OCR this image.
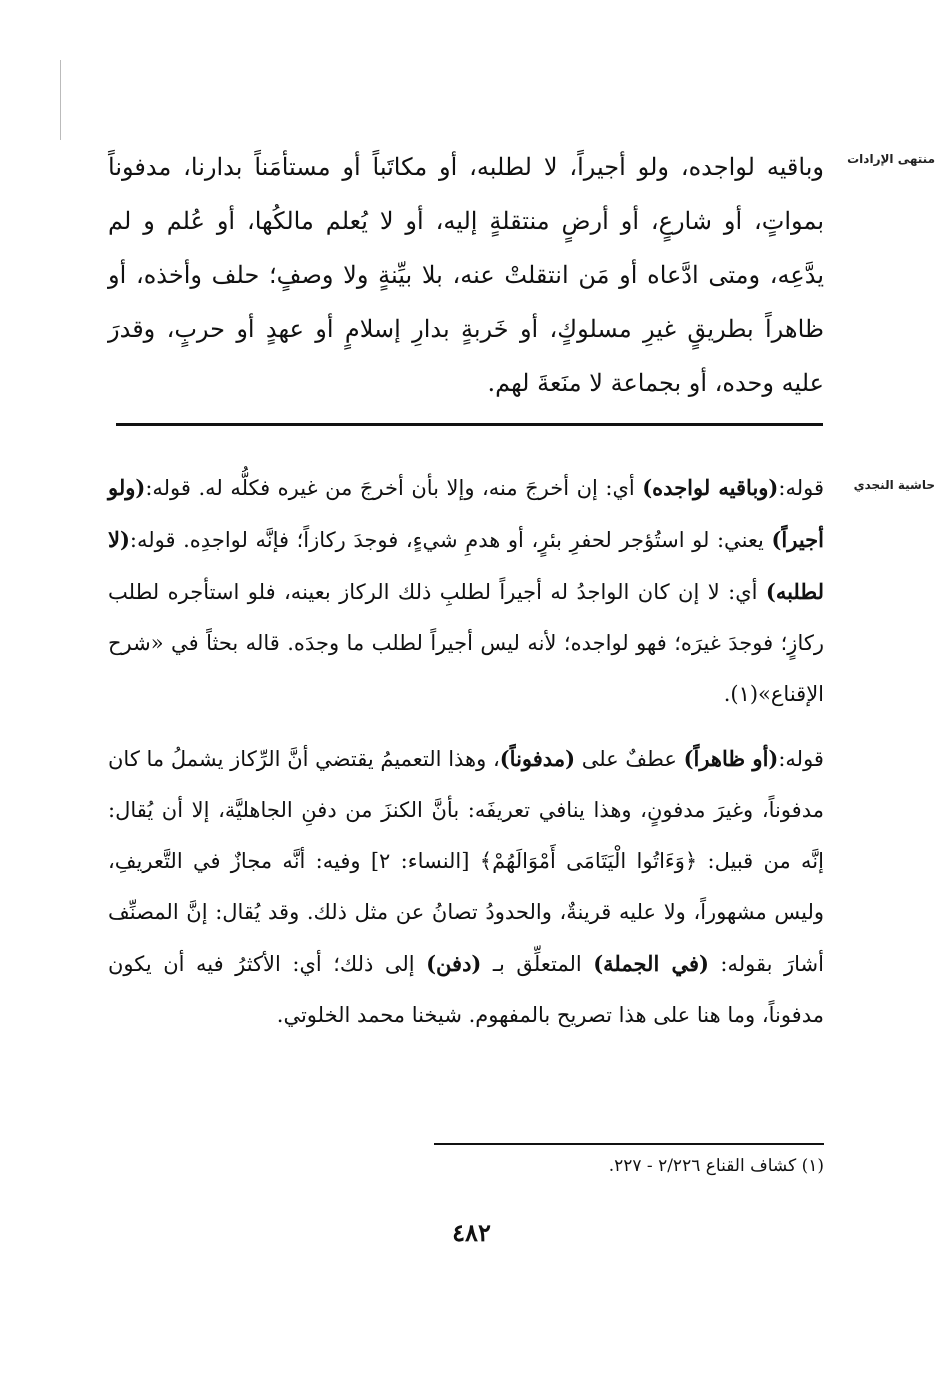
منتهى الإرادات

وباقيه لواجده، ولو أجيراً، لا لطلبه، أو مكاتَباً أو مستأمَناً بدارنا، مدفوناً بمواتٍ، أو شارعٍ، أو أرضٍ منتقلةٍ إليه، أو لا يُعلم مالكُها، أو عُلم و لم يدَّعِه، ومتى ادَّعاه أو مَن انتقلتْ عنه، بلا بيِّنةٍ ولا وصفٍ؛ حلف وأخذه، أو ظاهراً بطريقٍ غيرِ مسلوكٍ، أو خَربةٍ بدارِ إسلامٍ أو عهدٍ أو حربٍ، وقدرَ عليه وحده، أو بجماعة لا منَعةَ لهم.

حاشية النجدي

قوله:(وباقيه لواجده) أي: إن أخرجَ منه، وإلا بأن أخرجَ من غيره فكلُّه له. قوله:(ولو أجيراً) يعني: لو استُؤجر لحفرِ بئرٍ، أو هدمِ شيءٍ، فوجدَ ركازاً؛ فإنَّه لواجدِه. قوله:(لا لطلبه) أي: لا إن كان الواجدُ له أجيراً لطلبِ ذلك الركاز بعينه، فلو استأجره لطلب ركازٍ؛ فوجدَ غيرَه؛ فهو لواجده؛ لأنه ليس أجيراً لطلب ما وجدَه. قاله بحثاً في «شرح الإقناع»(١).

قوله:(أو ظاهراً) عطفٌ على (مدفوناً)، وهذا التعميمُ يقتضي أنَّ الرِّكاز يشملُ ما كان مدفوناً، وغيرَ مدفونٍ، وهذا ينافي تعريفَه: بأنَّ الكنزَ من دفنِ الجاهليَّة، إلا أن يُقال: إنَّه من قبيل: ﴿وَءَاتُوا الْيَتَامَى أَمْوَالَهُمْ﴾ [النساء: ٢] وفيه: أنَّه مجازٌ في التَّعريفِ، وليس مشهوراً، ولا عليه قرينةٌ، والحدودُ تصانُ عن مثل ذلك. وقد يُقال: إنَّ المصنِّف أشارَ بقوله: (في الجملة) المتعلِّق بـ (دفن) إلى ذلك؛ أي: الأكثرُ فيه أن يكون مدفوناً، وما هنا على هذا تصريح بالمفهوم. شيخنا محمد الخلوتي.

(١) كشاف القناع ٢/٢٢٦ - ٢٢٧.
٤٨٢
